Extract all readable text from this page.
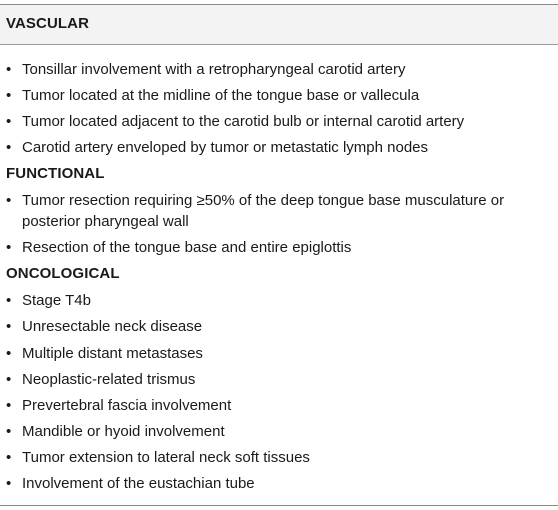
VASCULAR
• Tonsillar involvement with a retropharyngeal carotid artery
• Tumor located at the midline of the tongue base or vallecula
• Tumor located adjacent to the carotid bulb or internal carotid artery
• Carotid artery enveloped by tumor or metastatic lymph nodes
FUNCTIONAL
• Tumor resection requiring ≥50% of the deep tongue base musculature or
posterior pharyngeal wall
• Resection of the tongue base and entire epiglottis
ONCOLOGICAL
• Stage T4b
• Unresectable neck disease
• Multiple distant metastases
• Neoplastic-related trismus
• Prevertebral fascia involvement
• Mandible or hyoid involvement
• Tumor extension to lateral neck soft tissues
• Involvement of the eustachian tube
